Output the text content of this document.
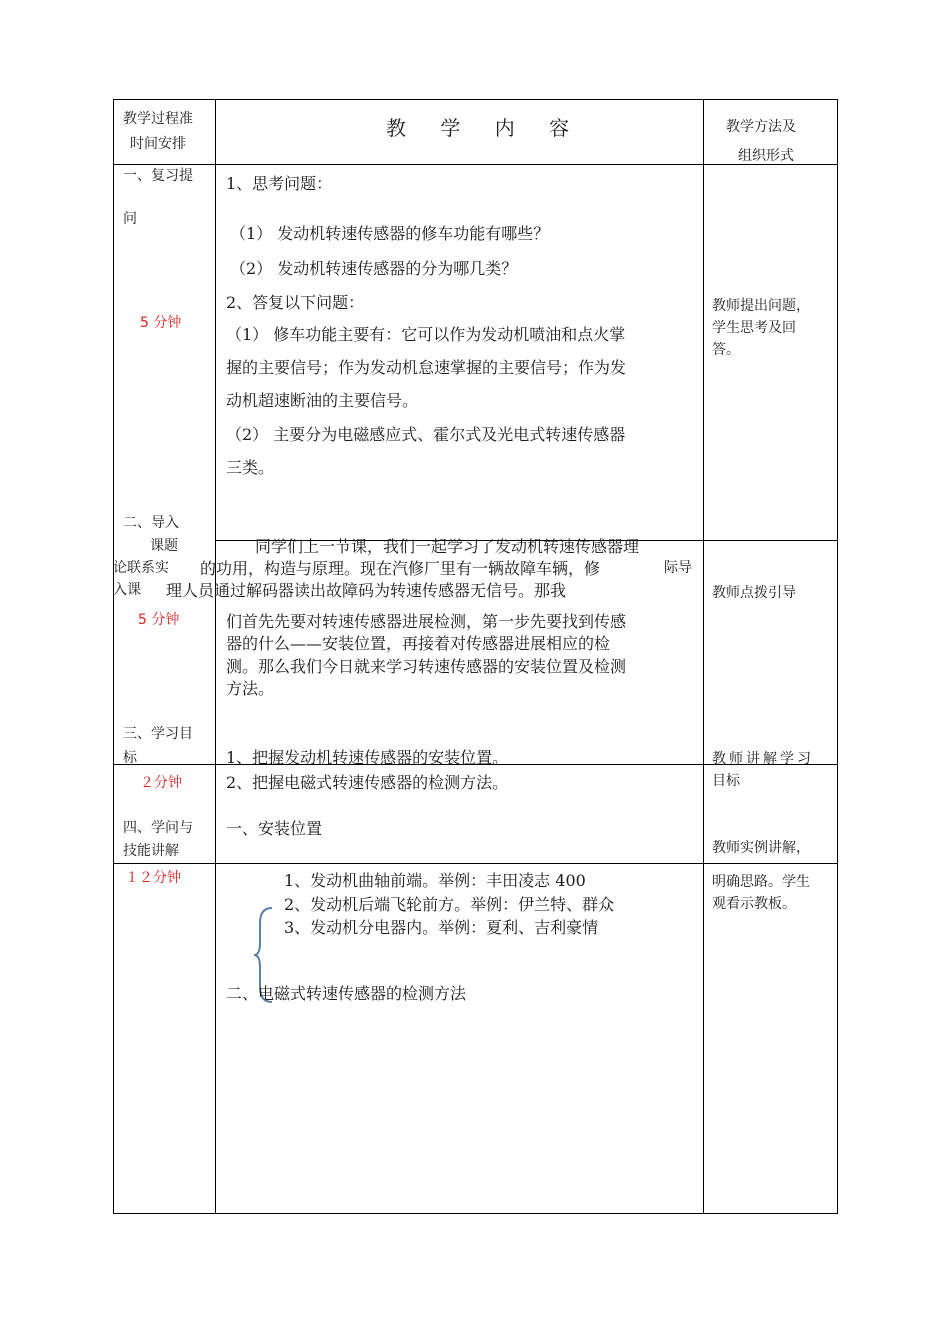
教学过程准
时间安排
教 学 内 容	教学方法及
组织形式
一、复习提
问
5 分钟
二、导入
课题
论联系实	际导
入课
5 分钟
三、学习目
标
２分钟
四、学问与
技能讲解
１２分钟
1、思考问题：
（1） 发动机转速传感器的修车功能有哪些？
（2） 发动机转速传感器的分为哪几类？
2、答复以下问题：
（1） 修车功能主要有：它可以作为发动机喷油和点火掌
握的主要信号；作为发动机怠速掌握的主要信号；作为发
动机超速断油的主要信号。
（2） 主要分为电磁感应式、霍尔式及光电式转速传感器
三类。
同学们上一节课，我们一起学习了发动机转速传感器理
的功用，构造与原理。现在汽修厂里有一辆故障车辆，修
理人员通过解码器读出故障码为转速传感器无信号。那我
们首先先要对转速传感器进展检测，第一步先要找到传感
器的什么——安装位置，再接着对传感器进展相应的检
测。那么我们今日就来学习转速传感器的安装位置及检测
方法。
1、把握发动机转速传感器的安装位置。
2、把握电磁式转速传感器的检测方法。
一、安装位置
1、发动机曲轴前端。举例：丰田凌志 400
2、发动机后端飞轮前方。举例：伊兰特、群众
3、发动机分电器内。举例：夏利、吉利豪情
二、电磁式转速传感器的检测方法
教师提出问题，
学生思考及回
答。
教师点拨引导
教师讲解学习
目标
教师实例讲解，
明确思路。学生
观看示教板。
